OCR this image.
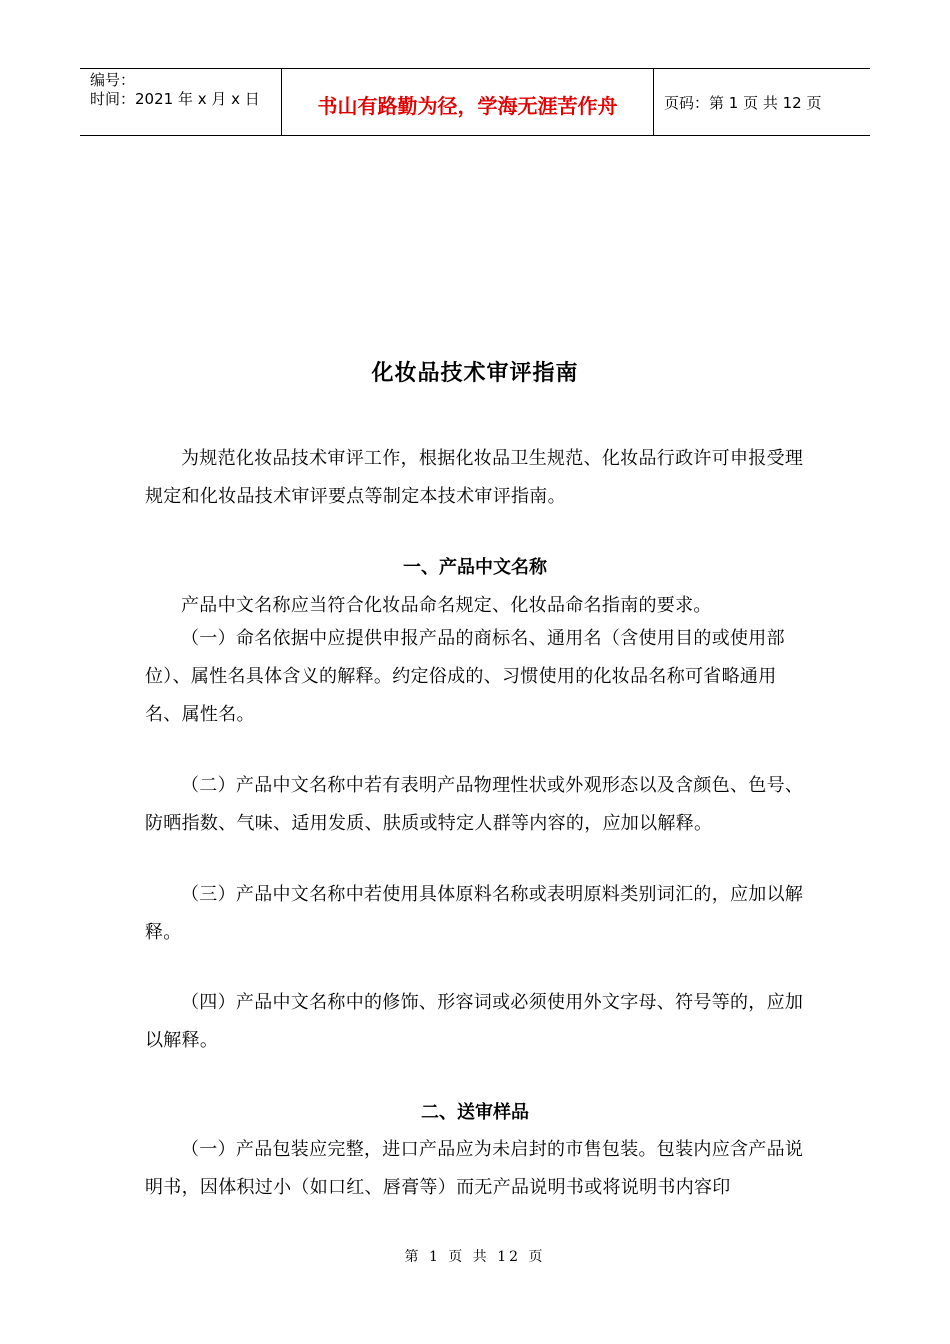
编号：
时间：2021 年 x 月 x 日	书山有路勤为径，学海无涯苦作舟	页码：第 1 页 共 12 页
化妆品技术审评指南

为规范化妆品技术审评工作，根据化妆品卫生规范、化妆品行政许可申报受理规定和化妆品技术审评要点等制定本技术审评指南。

一、产品中文名称

产品中文名称应当符合化妆品命名规定、化妆品命名指南的要求。

（一）命名依据中应提供申报产品的商标名、通用名（含使用目的或使用部位）、属性名具体含义的解释。约定俗成的、习惯使用的化妆品名称可省略通用名、属性名。

（二）产品中文名称中若有表明产品物理性状或外观形态以及含颜色、色号、防晒指数、气味、适用发质、肤质或特定人群等内容的，应加以解释。

（三）产品中文名称中若使用具体原料名称或表明原料类别词汇的，应加以解释。

（四）产品中文名称中的修饰、形容词或必须使用外文字母、符号等的，应加以解释。

二、送审样品

（一）产品包装应完整，进口产品应为未启封的市售包装。包装内应含产品说明书，因体积过小（如口红、唇膏等）而无产品说明书或将说明书内容印

第 1 页 共 12 页
